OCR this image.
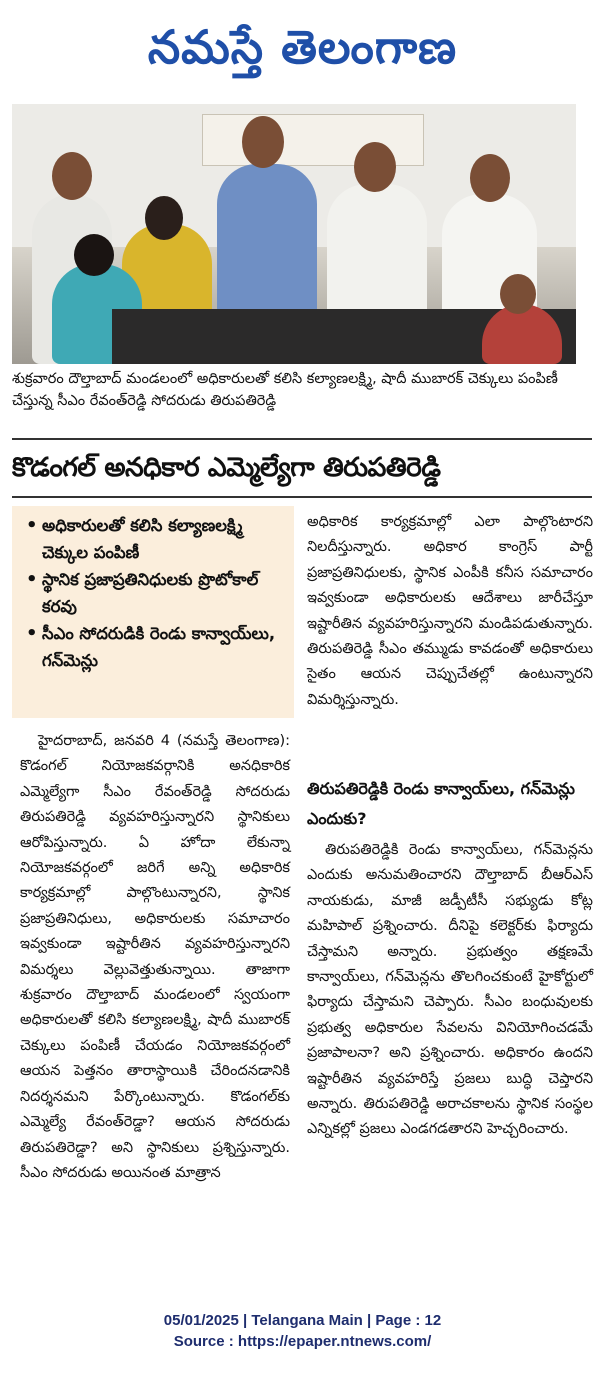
నమస్తే తెలంగాణ
శుక్రవారం దౌల్తాబాద్ మండలంలో అధికారులతో కలిసి కల్యాణలక్ష్మి, షాదీ ముబారక్ చెక్కులు పంపిణీ చేస్తున్న సీఎం రేవంత్‌రెడ్డి సోదరుడు తిరుపతిరెడ్డి
కొడంగల్ అనధికార ఎమ్మెల్యేగా తిరుపతిరెడ్డి
• అధికారులతో కలిసి కల్యాణలక్ష్మి చెక్కుల పంపిణీ
• స్థానిక ప్రజాప్రతినిధులకు ప్రొటోకాల్ కరవు
• సీఎం సోదరుడికి రెండు కాన్వాయ్‌లు, గన్‌మెన్లు

హైదరాబాద్, జనవరి 4 (నమస్తే తెలంగాణ): కొడంగల్ నియోజకవర్గానికి అనధికారిక ఎమ్మెల్యేగా సీఎం రేవంత్‌రెడ్డి సోదరుడు తిరుపతిరెడ్డి వ్యవహరిస్తున్నారని స్థానికులు ఆరోపిస్తున్నారు. ఏ హోదా లేకున్నా నియోజకవర్గంలో జరిగే అన్ని అధికారిక కార్యక్రమాల్లో పాల్గొంటున్నారని, స్థానిక ప్రజాప్రతినిధులు, అధికారులకు సమాచారం ఇవ్వకుండా ఇష్టారీతిన వ్యవహరిస్తున్నారని విమర్శలు వెల్లువెత్తుతున్నాయి. తాజాగా శుక్రవారం దౌల్తాబాద్ మండలంలో స్వయంగా అధికారులతో కలిసి కల్యాణలక్ష్మి, షాదీ ముబారక్ చెక్కులు పంపిణీ చేయడం నియోజకవర్గంలో ఆయన పెత్తనం తారాస్థాయికి చేరిందనడానికి నిదర్శనమని పేర్కొంటున్నారు. కొడంగల్‌కు ఎమ్మెల్యే రేవంత్‌రెడ్డా? ఆయన సోదరుడు తిరుపతిరెడ్డా? అని స్థానికులు ప్రశ్నిస్తున్నారు. సీఎం సోదరుడు అయినంత మాత్రాన

అధికారిక కార్యక్రమాల్లో ఎలా పాల్గొంటారని నిలదీస్తున్నారు. అధికార కాంగ్రెస్ పార్టీ ప్రజాప్రతినిధులకు, స్థానిక ఎంపీకి కనీస సమాచారం ఇవ్వకుండా అధికారులకు ఆదేశాలు జారీచేస్తూ ఇష్టారీతిన వ్యవహరిస్తున్నారని మండిపడుతున్నారు. తిరుపతిరెడ్డి సీఎం తమ్ముడు కావడంతో అధికారులు సైతం ఆయన చెప్పుచేతల్లో ఉంటున్నారని విమర్శిస్తున్నారు.

తిరుపతిరెడ్డికి రెండు కాన్వాయ్‌లు, గన్‌మెన్లు ఎందుకు?

తిరుపతిరెడ్డికి రెండు కాన్వాయ్‌లు, గన్‌మెన్లను ఎందుకు అనుమతించారని దౌల్తాబాద్ బీఆర్‌ఎస్ నాయకుడు, మాజీ జడ్పీటీసీ సభ్యుడు కోట్ల మహిపాల్ ప్రశ్నించారు. దీనిపై కలెక్టర్‌కు ఫిర్యాదు చేస్తామని అన్నారు. ప్రభుత్వం తక్షణమే కాన్వాయ్‌లు, గన్‌మెన్లను తొలగించకుంటే హైకోర్టులో ఫిర్యాదు చేస్తామని చెప్పారు. సీఎం బంధువులకు ప్రభుత్వ అధికారుల సేవలను వినియోగించడమే ప్రజాపాలనా? అని ప్రశ్నించారు. అధికారం ఉందని ఇష్టారీతిన వ్యవహరిస్తే ప్రజలు బుద్ధి చెప్తారని అన్నారు. తిరుపతిరెడ్డి అరాచకాలను స్థానిక సంస్థల ఎన్నికల్లో ప్రజలు ఎండగడతారని హెచ్చరించారు.

05/01/2025 | Telangana Main | Page : 12
Source : https://epaper.ntnews.com/
